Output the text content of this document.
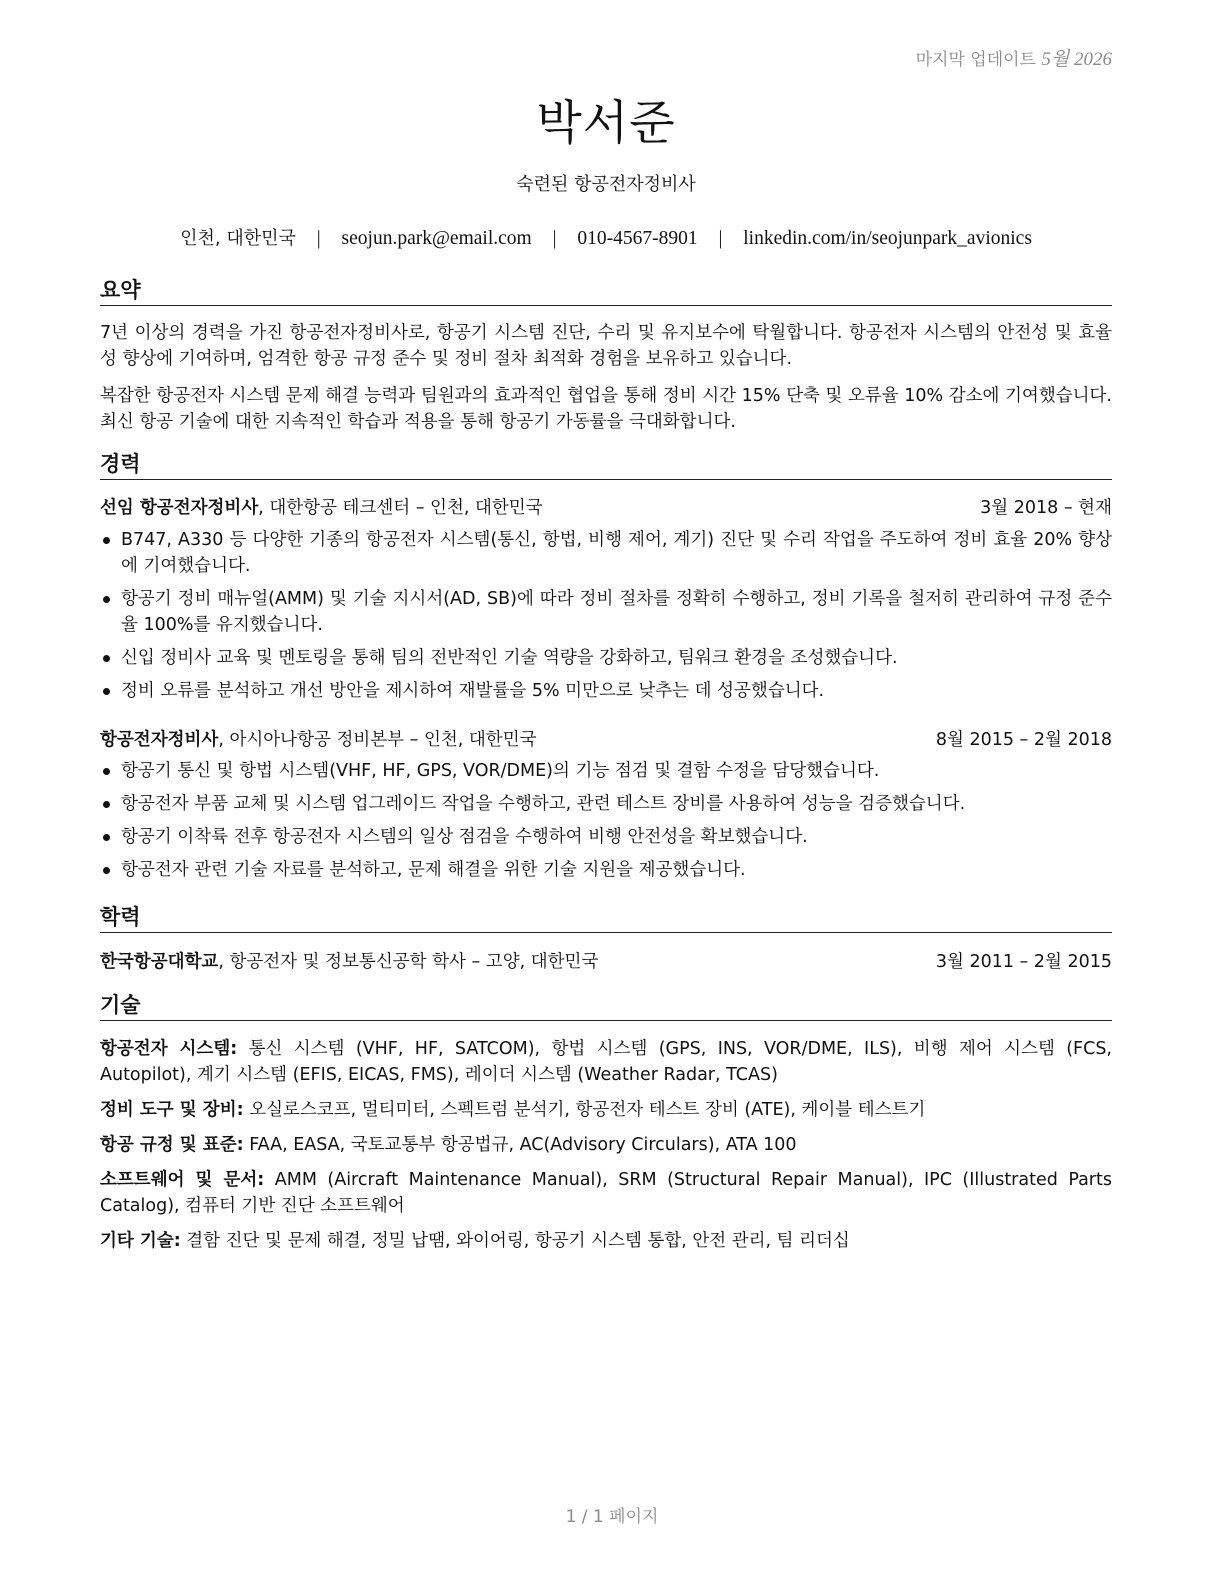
마지막 업데이트 5월 2026
박서준
숙련된 항공전자정비사
인천, 대한민국 | seojun.park@email.com | 010-4567-8901 | linkedin.com/in/seojunpark_avionics
요약
7년 이상의 경력을 가진 항공전자정비사로, 항공기 시스템 진단, 수리 및 유지보수에 탁월합니다. 항공전자 시스템의 안전성 및 효율성 향상에 기여하며, 엄격한 항공 규정 준수 및 정비 절차 최적화 경험을 보유하고 있습니다.
복잡한 항공전자 시스템 문제 해결 능력과 팀원과의 효과적인 협업을 통해 정비 시간 15% 단축 및 오류율 10% 감소에 기여했습니다. 최신 항공 기술에 대한 지속적인 학습과 적용을 통해 항공기 가동률을 극대화합니다.
경력
선임 항공전자정비사, 대한항공 테크센터 – 인천, 대한민국	3월 2018 – 현재
B747, A330 등 다양한 기종의 항공전자 시스템(통신, 항법, 비행 제어, 계기) 진단 및 수리 작업을 주도하여 정비 효율 20% 향상에 기여했습니다.
항공기 정비 매뉴얼(AMM) 및 기술 지시서(AD, SB)에 따라 정비 절차를 정확히 수행하고, 정비 기록을 철저히 관리하여 규정 준수율 100%를 유지했습니다.
신입 정비사 교육 및 멘토링을 통해 팀의 전반적인 기술 역량을 강화하고, 팀워크 환경을 조성했습니다.
정비 오류를 분석하고 개선 방안을 제시하여 재발률을 5% 미만으로 낮추는 데 성공했습니다.
항공전자정비사, 아시아나항공 정비본부 – 인천, 대한민국	8월 2015 – 2월 2018
항공기 통신 및 항법 시스템(VHF, HF, GPS, VOR/DME)의 기능 점검 및 결함 수정을 담당했습니다.
항공전자 부품 교체 및 시스템 업그레이드 작업을 수행하고, 관련 테스트 장비를 사용하여 성능을 검증했습니다.
항공기 이착륙 전후 항공전자 시스템의 일상 점검을 수행하여 비행 안전성을 확보했습니다.
항공전자 관련 기술 자료를 분석하고, 문제 해결을 위한 기술 지원을 제공했습니다.
학력
한국항공대학교, 항공전자 및 정보통신공학 학사 – 고양, 대한민국	3월 2011 – 2월 2015
기술
항공전자 시스템: 통신 시스템 (VHF, HF, SATCOM), 항법 시스템 (GPS, INS, VOR/DME, ILS), 비행 제어 시스템 (FCS, Autopilot), 계기 시스템 (EFIS, EICAS, FMS), 레이더 시스템 (Weather Radar, TCAS)
정비 도구 및 장비: 오실로스코프, 멀티미터, 스펙트럼 분석기, 항공전자 테스트 장비 (ATE), 케이블 테스트기
항공 규정 및 표준: FAA, EASA, 국토교통부 항공법규, AC(Advisory Circulars), ATA 100
소프트웨어 및 문서: AMM (Aircraft Maintenance Manual), SRM (Structural Repair Manual), IPC (Illustrated Parts Catalog), 컴퓨터 기반 진단 소프트웨어
기타 기술: 결함 진단 및 문제 해결, 정밀 납땜, 와이어링, 항공기 시스템 통합, 안전 관리, 팀 리더십
1 / 1 페이지
